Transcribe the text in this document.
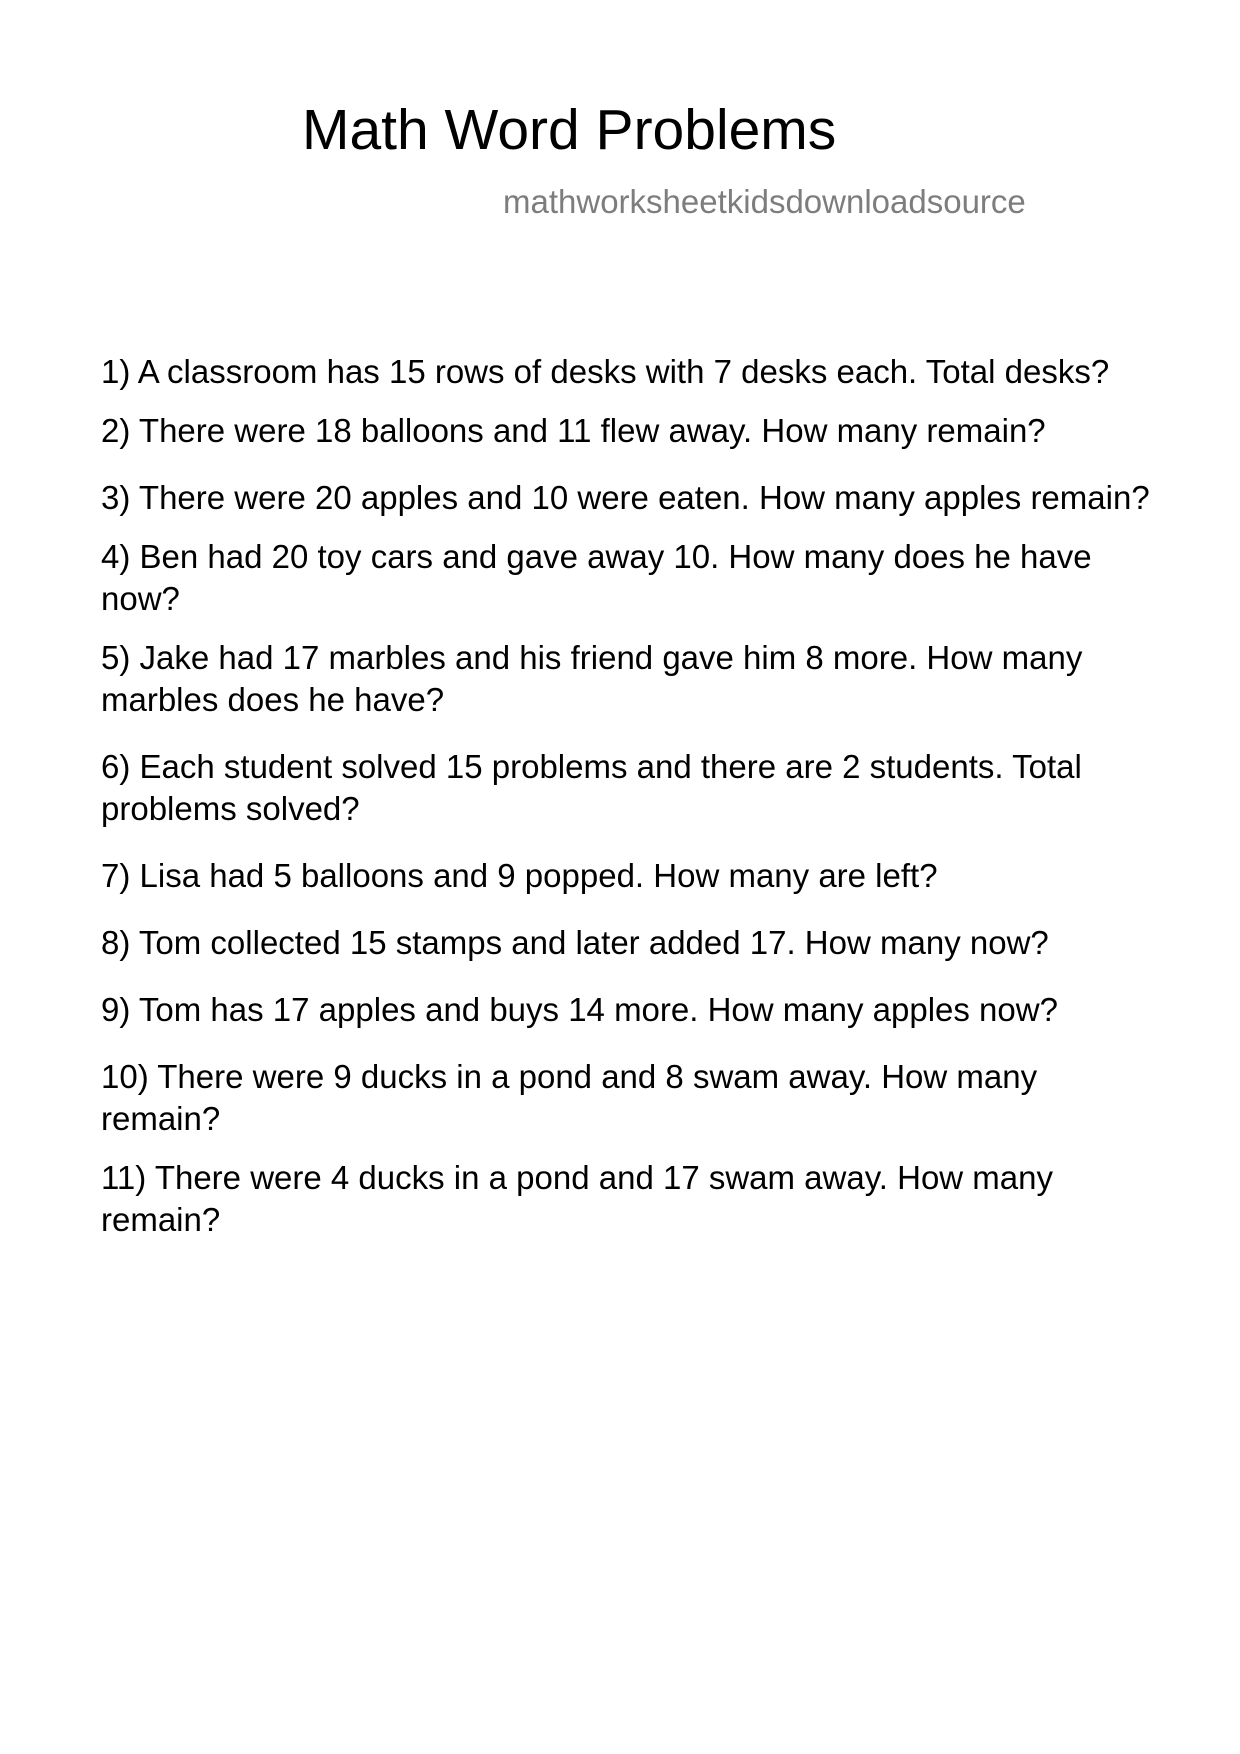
Math Word Problems
mathworksheetkidsdownloadsource
1) A classroom has 15 rows of desks with 7 desks each. Total desks?
2) There were 18 balloons and 11 flew away. How many remain?
3) There were 20 apples and 10 were eaten. How many apples remain?
4) Ben had 20 toy cars and gave away 10. How many does he have now?
5) Jake had 17 marbles and his friend gave him 8 more. How many marbles does he have?
6) Each student solved 15 problems and there are 2 students. Total problems solved?
7) Lisa had 5 balloons and 9 popped. How many are left?
8) Tom collected 15 stamps and later added 17. How many now?
9) Tom has 17 apples and buys 14 more. How many apples now?
10) There were 9 ducks in a pond and 8 swam away. How many remain?
11) There were 4 ducks in a pond and 17 swam away. How many remain?
